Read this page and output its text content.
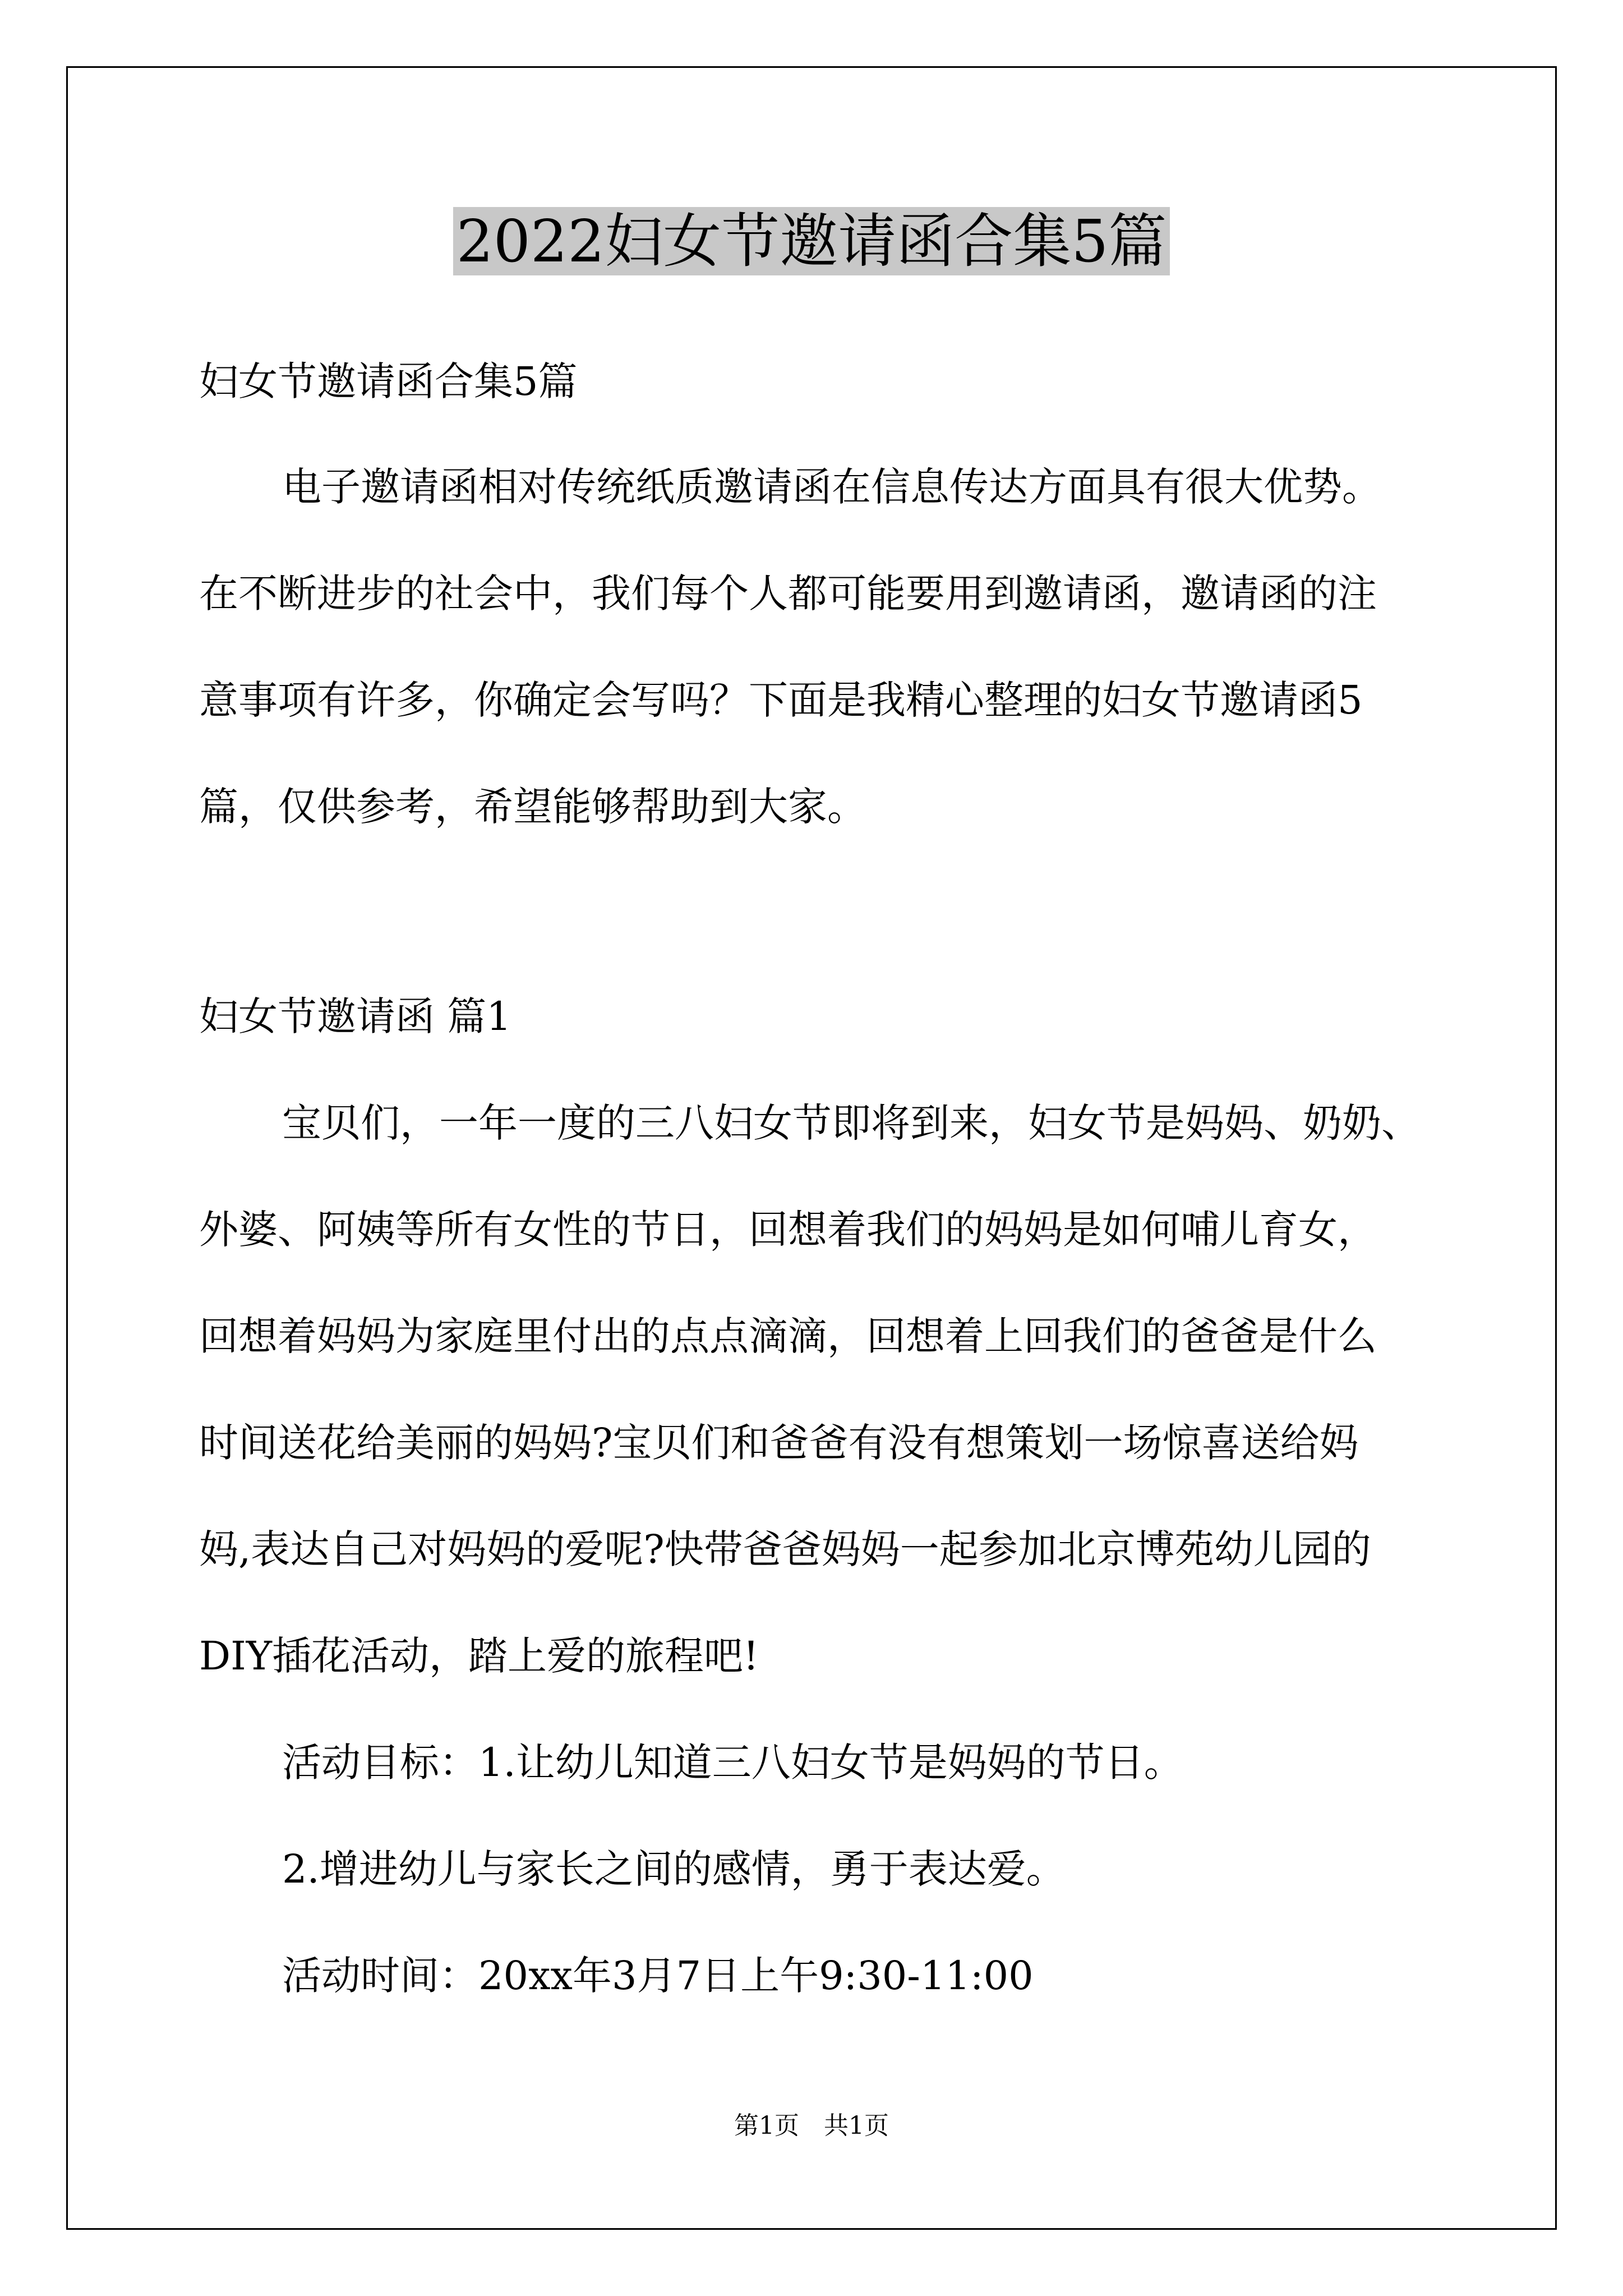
2022妇女节邀请函合集5篇

妇女节邀请函合集5篇

电子邀请函相对传统纸质邀请函在信息传达方面具有很大优势。

在不断进步的社会中，我们每个人都可能要用到邀请函，邀请函的注

意事项有许多，你确定会写吗？下面是我精心整理的妇女节邀请函5

篇，仅供参考，希望能够帮助到大家。

妇女节邀请函 篇1

宝贝们，一年一度的三八妇女节即将到来，妇女节是妈妈、奶奶、

外婆、阿姨等所有女性的节日，回想着我们的妈妈是如何哺儿育女，

回想着妈妈为家庭里付出的点点滴滴，回想着上回我们的爸爸是什么

时间送花给美丽的妈妈?宝贝们和爸爸有没有想策划一场惊喜送给妈

妈,表达自己对妈妈的爱呢?快带爸爸妈妈一起参加北京博苑幼儿园的

DIY插花活动，踏上爱的旅程吧!

活动目标：1.让幼儿知道三八妇女节是妈妈的节日。

2.增进幼儿与家长之间的感情，勇于表达爱。

活动时间：20xx年3月7日上午9:30-11:00

第1页　共1页
